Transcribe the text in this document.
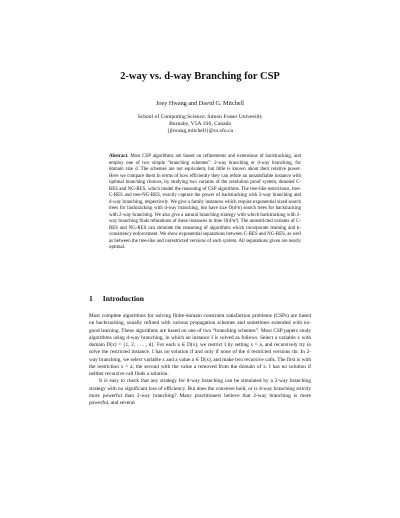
2-way vs. d-way Branching for CSP
Joey Hwang and David G. Mitchell
School of Computing Science, Simon Fraser University
Burnaby, V5A 1S6, Canada
{jhwang,mitchell}@cs.sfu.ca
Abstract. Most CSP algorithms are based on refinements and extensions of backtracking, and employ one of two simple “branching schemes”: 2-way branching or d-way branching, for domain size d. The schemes are not equivalent, but little is known about their relative power. Here we compare them in terms of how efficiently they can refute an unsatisfiable instance with optimal branching choices, by studying two variants of the resolution proof system, denoted C-RES and NG-RES, which model the reasoning of CSP algorithms. The tree-like restrictions, tree-C-RES and tree-NG-RES, exactly capture the power of backtracking with 2-way branching and d-way branching, respectively. We give a family instances which require exponential sized search trees for backtracking with d-way branching, but have size O(d²n) search trees for backtracking with 2-way branching. We also give a natural branching strategy with which backtracking with 2-way branching finds refutations of these instances in time O(d²n²). The unrestricted variants of C-RES and NG-RES can simulate the reasoning of algorithms which incorporate learning and k-consistency enforcement. We show exponential separations between C-RES and NG-RES, as well as between the tree-like and unrestricted versions of each system. All separations given are nearly optimal.
1 Introduction

Most complete algorithms for solving finite-domain constraint satisfaction problems (CSPs) are based on backtracking, usually refined with various propagation schemes and sometimes extended with no-good learning. These algorithms are based on one of two “branching schemes”. Most CSP papers study algorithms using d-way branching, in which an instance I is solved as follows. Select a variable x with domain D(x) = {1, 2, . . . , d}. For each a ∈ D(x), we restrict I by setting x = a, and recursively try to solve the restricted instance. I has no solution if and only if none of the d restricted versions do. In 2-way branching, we select variable x and a value a ∈ D(x), and make two recursive calls. The first is with the restriction x = a; the second with the value a removed from the domain of x. I has no solution if neither recursive call finds a solution.

It is easy to check that any strategy for d-way branching can be simulated by a 2-way branching strategy with no significant loss of efficiency. But does the converse hold, or is d-way branching strictly more powerful than 2-way branching? Many practitioners believe that 2-way branching is more powerful, and several
